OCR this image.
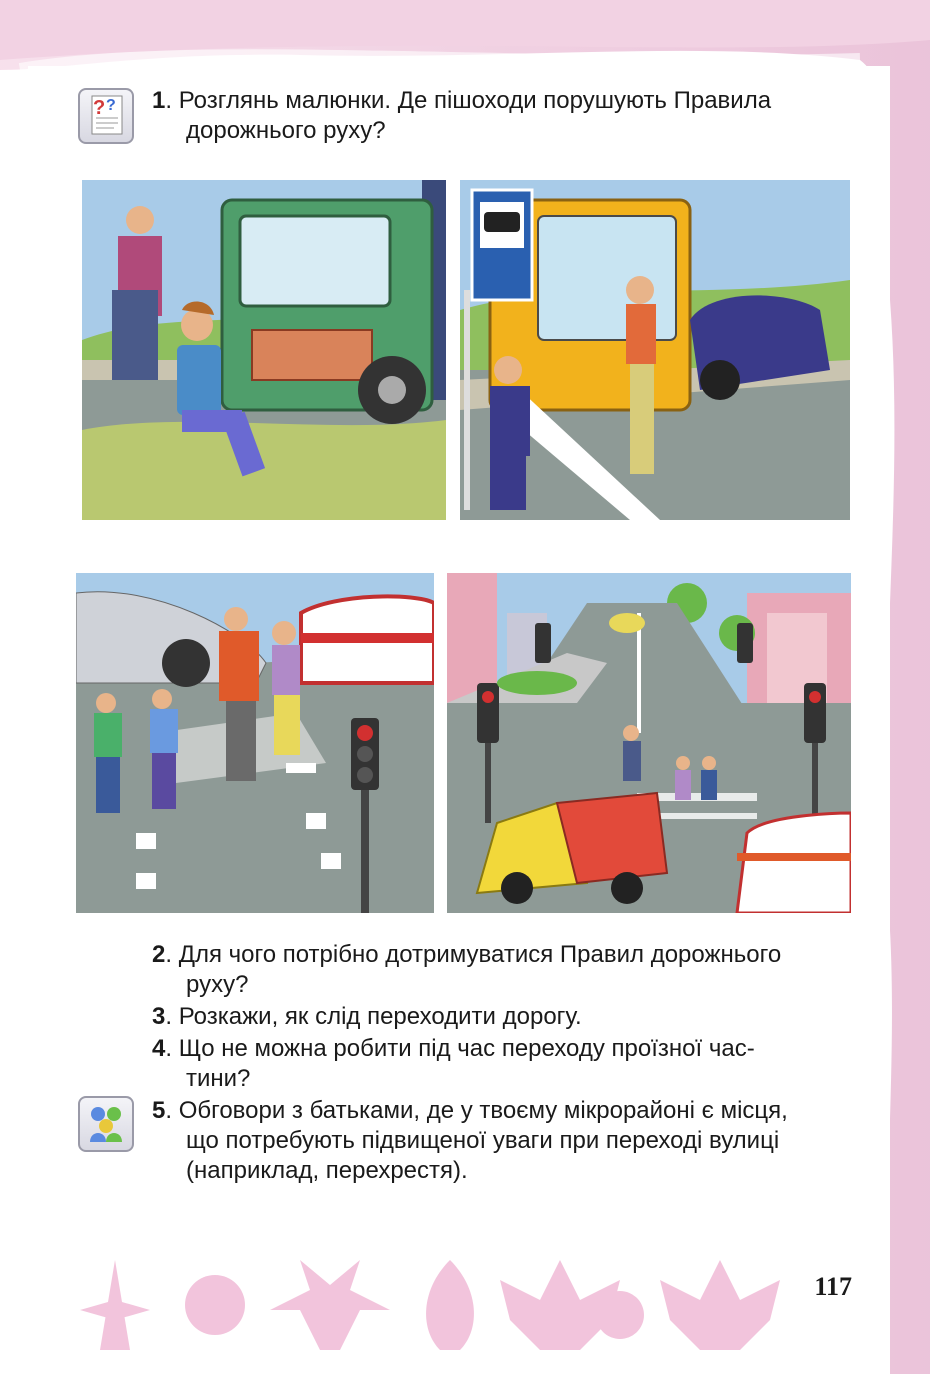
? ? 1. Розглянь малюнки. Де пішоходи порушують Правила
дорожнього руху?
2. Для чого потрібно дотримуватися Правил дорожнього
руху?
3. Розкажи, як слід переходити дорогу.
4. Що не можна робити під час переходу проїзної час-
тини?
5. Обговори з батьками, де у твоєму мікрорайоні є місця,
що потребують підвищеної уваги при переході вулиці
(наприклад, перехрестя).
117
